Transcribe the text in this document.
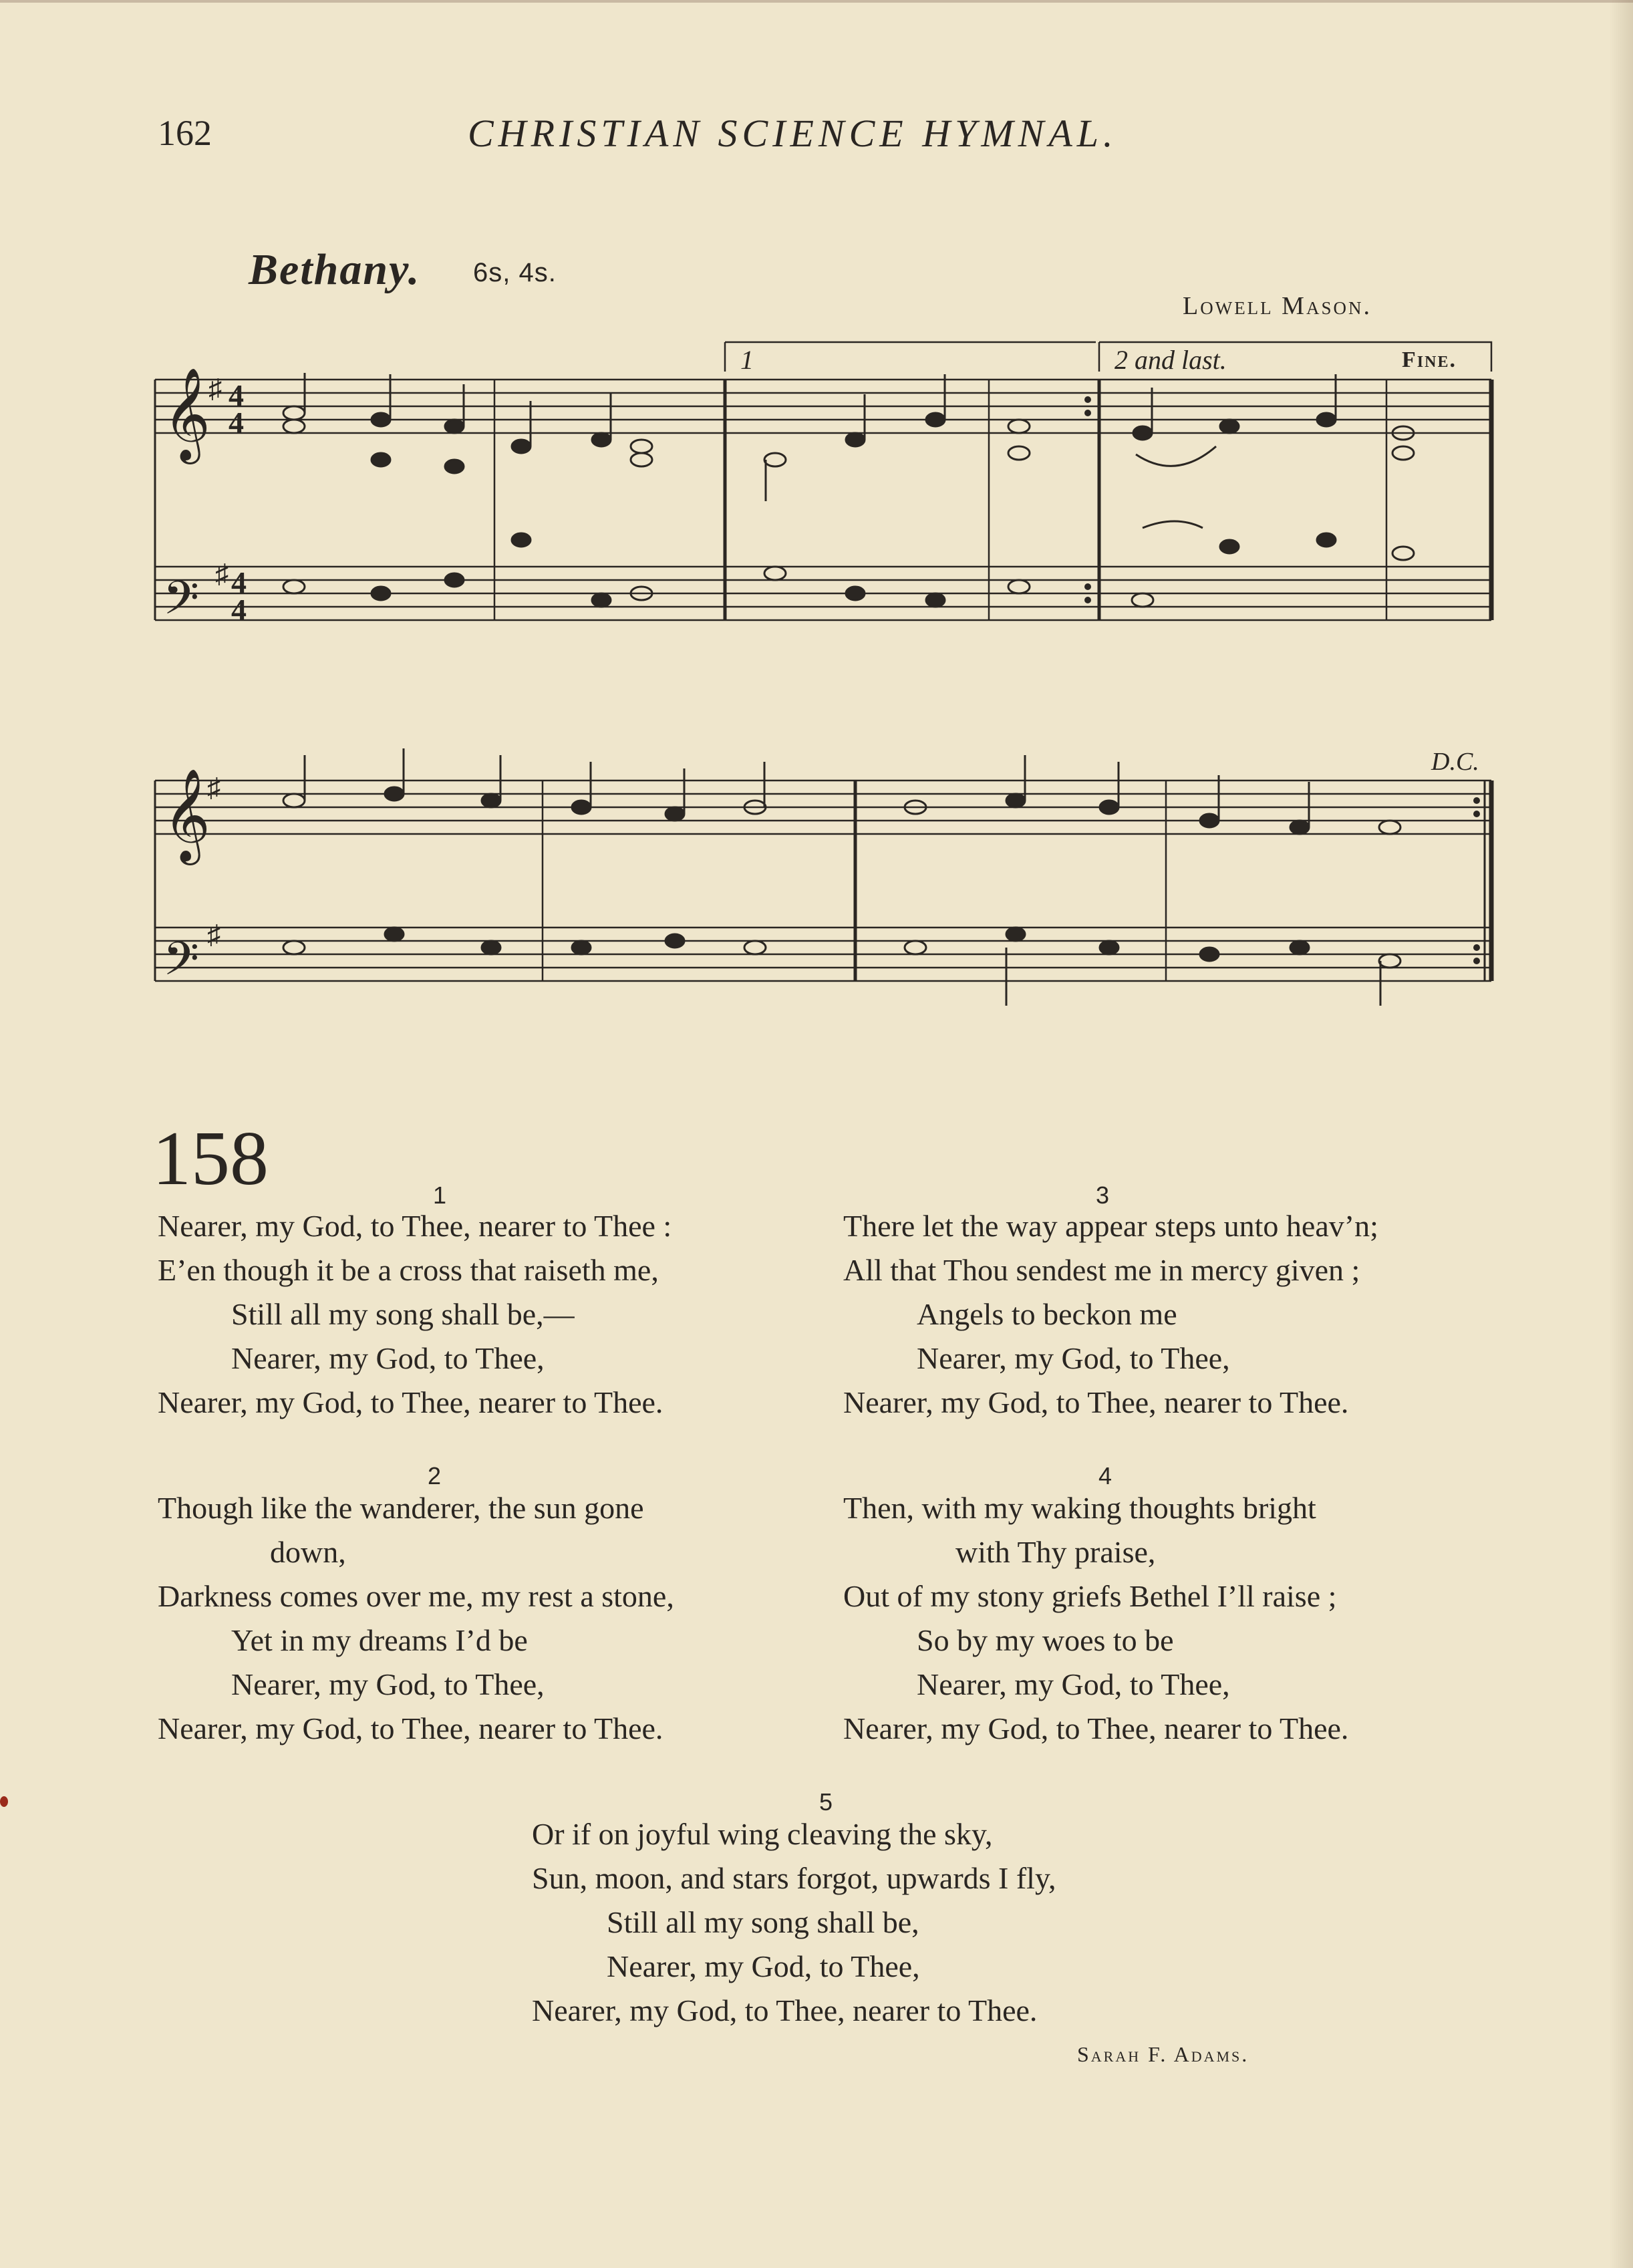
162	CHRISTIAN SCIENCE HYMNAL.
Bethany. 6s, 4s.
Lowell Mason.
1	2 and last.	Fine.
D.C.
𝄞
𝄢
𝄞
𝄢
♯
♯
♯
♯
4
4
4
4
158	1
Nearer, my God, to Thee, nearer to Thee :
E’en though it be a cross that raiseth me,
Still all my song shall be,—
Nearer, my God, to Thee,
Nearer, my God, to Thee, nearer to Thee.
3
There let the way appear steps unto heav’n;
All that Thou sendest me in mercy given ;
Angels to beckon me
Nearer, my God, to Thee,
Nearer, my God, to Thee, nearer to Thee.
2
Though like the wanderer, the sun gone
down,
Darkness comes over me, my rest a stone,
Yet in my dreams I’d be
Nearer, my God, to Thee,
Nearer, my God, to Thee, nearer to Thee.
4
Then, with my waking thoughts bright
with Thy praise,
Out of my stony griefs Bethel I’ll raise ;
So by my woes to be
Nearer, my God, to Thee,
Nearer, my God, to Thee, nearer to Thee.
5
Or if on joyful wing cleaving the sky,
Sun, moon, and stars forgot, upwards I fly,
Still all my song shall be,
Nearer, my God, to Thee,
Nearer, my God, to Thee, nearer to Thee.
Sarah F. Adams.
